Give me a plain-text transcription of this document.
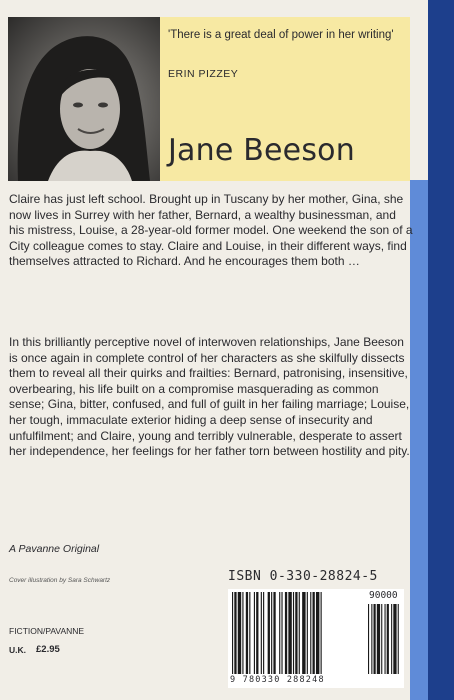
'There is a great deal of power in her writing'
ERIN PIZZEY
Jane Beeson

Claire has just left school. Brought up in Tuscany by her mother, Gina, she now lives in Surrey with her father, Bernard, a wealthy businessman, and his mistress, Louise, a 28-year-old former model. One weekend the son of a City colleague comes to stay. Claire and Louise, in their different ways, find themselves attracted to Richard. And he encourages them both …

In this brilliantly perceptive novel of interwoven relationships, Jane Beeson is once again in complete control of her characters as she skilfully dissects them to reveal all their quirks and frailties: Bernard, patronising, insensitive, overbearing, his life built on a compromise masquerading as common sense; Gina, bitter, confused, and full of guilt in her failing marriage; Louise, her tough, immaculate exterior hiding a deep sense of insecurity and unfulfilment; and Claire, young and terribly vulnerable, desperate to assert her independence, her feelings for her father torn between hostility and pity.

A Pavanne Original
Cover illustration by Sara Schwartz
FICTION/PAVANNE
U.K. £2.95
ISBN 0-330-28824-5
90000
9 780330 288248
